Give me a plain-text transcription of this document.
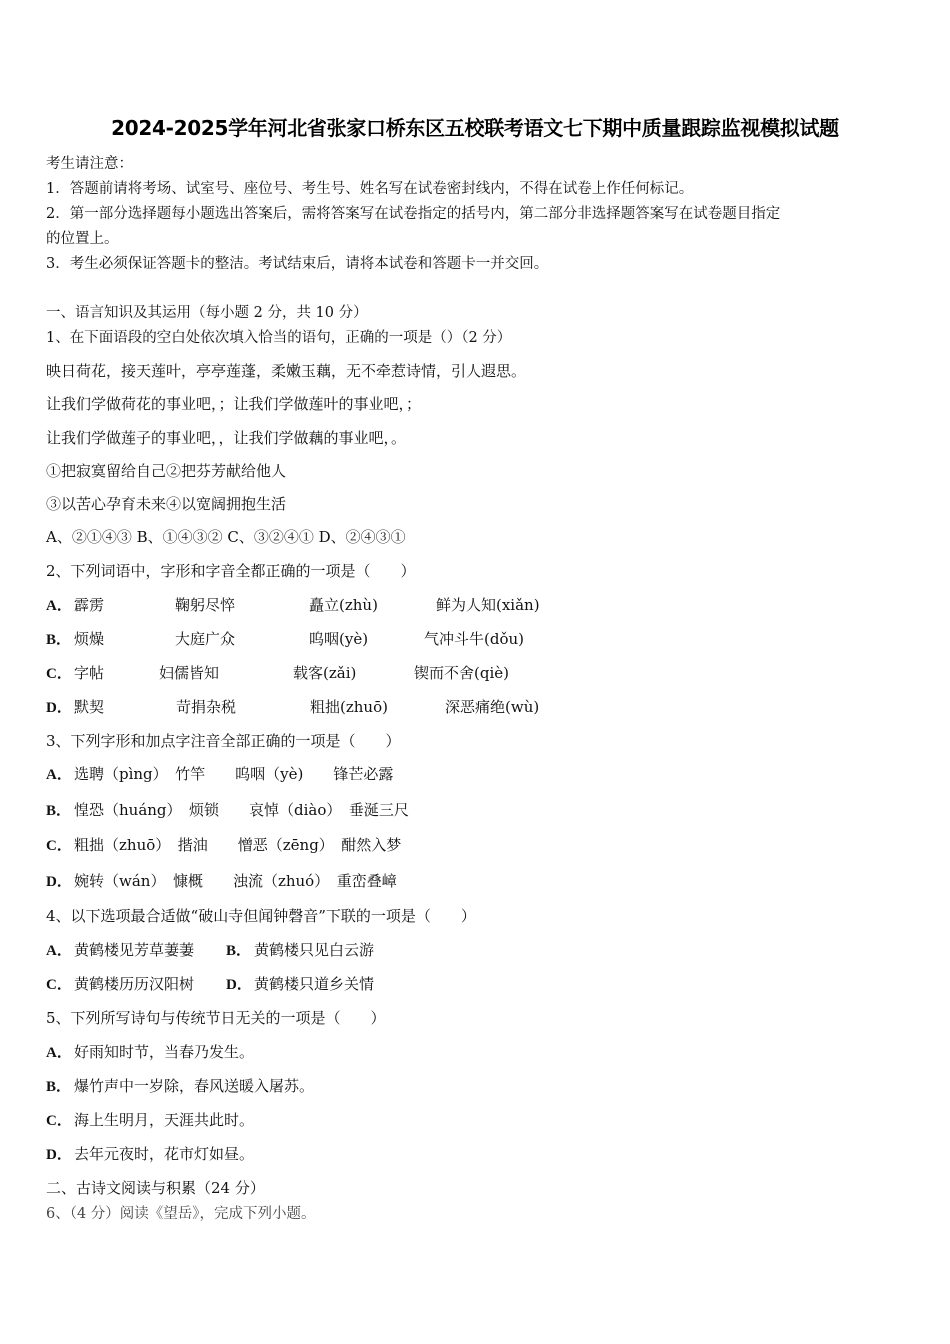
2024-2025学年河北省张家口桥东区五校联考语文七下期中质量跟踪监视模拟试题
考生请注意：
1．答题前请将考场、试室号、座位号、考生号、姓名写在试卷密封线内，不得在试卷上作任何标记。
2．第一部分选择题每小题选出答案后，需将答案写在试卷指定的括号内，第二部分非选择题答案写在试卷题目指定
的位置上。
3．考生必须保证答题卡的整洁。考试结束后，请将本试卷和答题卡一并交回。
一、语言知识及其运用（每小题 2 分，共 10 分）
1、在下面语段的空白处依次填入恰当的语句，正确的一项是（）（2 分）
映日荷花，接天莲叶，亭亭莲蓬，柔嫩玉藕，无不牵惹诗情，引人遐思。
让我们学做荷花的事业吧，；让我们学做莲叶的事业吧，；
让我们学做莲子的事业吧，，让我们学做藕的事业吧，。
①把寂寞留给自己②把芬芳献给他人
③以苦心孕育未来④以宽阔拥抱生活
A、②①④③ B、①④③② C、③②④① D、②④③①
2、下列词语中，字形和字音全都正确的一项是（　　）
A． 霹雳	鞠躬尽悴	矗立(zhù)	鲜为人知(xiǎn)
B． 烦燥	大庭广众	呜咽(yè)	气冲斗牛(dǒu)
C． 字帖	妇儒皆知	载客(zǎi)	锲而不舍(qiè)
D． 默契	苛捐杂税	粗拙(zhuō)	深恶痛绝(wù)
3、下列字形和加点字注音全部正确的一项是（　　）
A． 选聘（pìng）　竹竿　　呜咽（yè)　　锋芒必露
B． 惶恐（huáng）　烦锁　　哀悼（diào）　垂涎三尺
C． 粗拙（zhuō）　揩油　　憎恶（zēng）　酣然入梦
D． 婉转（wán）　慷概　　浊流（zhuó）　重峦叠嶂
4、以下选项最合适做“破山寺但闻钟磬音”下联的一项是（　　）
A． 黄鹤楼见芳草萋萋 B． 黄鹤楼只见白云游
C． 黄鹤楼历历汉阳树 D． 黄鹤楼只道乡关情
5、下列所写诗句与传统节日无关的一项是（　　）
A． 好雨知时节，当春乃发生。
B． 爆竹声中一岁除，春风送暖入屠苏。
C． 海上生明月，天涯共此时。
D． 去年元夜时，花市灯如昼。
二、古诗文阅读与积累（24 分）
6、（4 分）阅读《望岳》，完成下列小题。
